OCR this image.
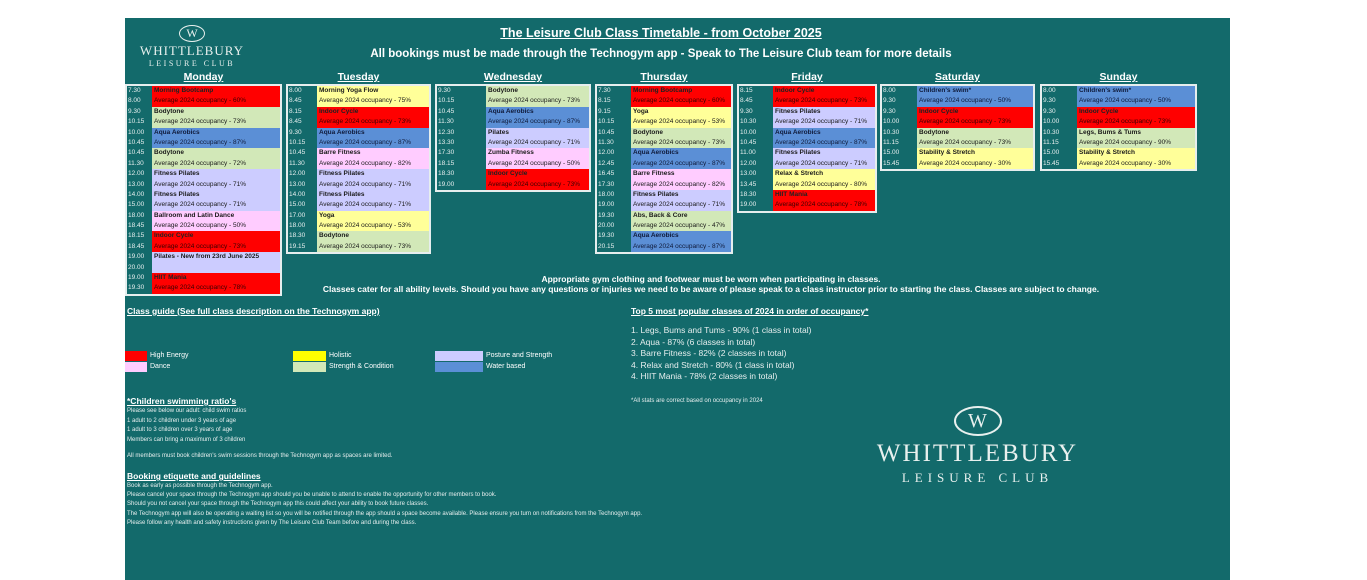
W
WHITTLEBURY
LEISURE CLUB
The Leisure Club Class Timetable - from October 2025
All bookings must be made through the Technogym app - Speak to The Leisure Club team for more details
Monday
7.30	Morning Bootcamp
8.00	Average 2024 occupancy - 60%
9.30	Bodytone
10.15	Average 2024 occupancy - 73%
10.00	Aqua Aerobics
10.45	Average 2024 occupancy - 87%
10.45	Bodytone
11.30	Average 2024 occupancy - 72%
12.00	Fitness Pilates
13.00	Average 2024 occupancy - 71%
14.00	Fitness Pilates
15.00	Average 2024 occupancy - 71%
18.00	Ballroom and Latin Dance
18.45	Average 2024 occupancy - 50%
18.15	Indoor Cycle
18.45	Average 2024 occupancy - 73%
19.00	Pilates - New from 23rd June 2025
20.00
19.00	HIIT Mania
19.30	Average 2024 occupancy - 78%
Tuesday
8.00	Morning Yoga Flow
8.45	Average 2024 occupancy - 75%
8.15	Indoor Cycle
8.45	Average 2024 occupancy - 73%
9.30	Aqua Aerobics
10.15	Average 2024 occupancy - 87%
10.45	Barre Fitness
11.30	Average 2024 occupancy - 82%
12.00	Fitness Pilates
13.00	Average 2024 occupancy - 71%
14.00	Fitness Pilates
15.00	Average 2024 occupancy - 71%
17.00	Yoga
18.00	Average 2024 occupancy - 53%
18.30	Bodytone
19.15	Average 2024 occupancy - 73%
Wednesday
9.30	Bodytone
10.15	Average 2024 occupancy - 73%
10.45	Aqua Aerobics
11.30	Average 2024 occupancy - 87%
12.30	Pilates
13.30	Average 2024 occupancy - 71%
17.30	Zumba Fitness
18.15	Average 2024 occupancy - 50%
18.30	Indoor Cycle
19.00	Average 2024 occupancy - 73%
Thursday
7.30	Morning Bootcamp
8.15	Average 2024 occupancy - 60%
9.15	Yoga
10.15	Average 2024 occupancy - 53%
10.45	Bodytone
11.30	Average 2024 occupancy - 73%
12.00	Aqua Aerobics
12.45	Average 2024 occupancy - 87%
16.45	Barre Fitness
17.30	Average 2024 occupancy - 82%
18.00	Fitness Pilates
19.00	Average 2024 occupancy - 71%
19.30	Abs, Back & Core
20.00	Average 2024 occupancy - 47%
19.30	Aqua Aerobics
20.15	Average 2024 occupancy - 87%
Friday
8.15	Indoor Cycle
8.45	Average 2024 occupancy - 73%
9.30	Fitness Pilates
10.30	Average 2024 occupancy - 71%
10.00	Aqua Aerobics
10.45	Average 2024 occupancy - 87%
11.00	Fitness Pilates
12.00	Average 2024 occupancy - 71%
13.00	Relax & Stretch
13.45	Average 2024 occupancy - 80%
18.30	HIIT Mania
19.00	Average 2024 occupancy - 78%
Saturday
8.00	Children's swim*
9.30	Average 2024 occupancy - 50%
9.30	Indoor Cycle
10.00	Average 2024 occupancy - 73%
10.30	Bodytone
11.15	Average 2024 occupancy - 73%
15.00	Stability & Stretch
15.45	Average 2024 occupancy - 30%
Sunday
8.00	Children's swim*
9.30	Average 2024 occupancy - 50%
9.30	Indoor Cycle
10.00	Average 2024 occupancy - 73%
10.30	Legs, Bums & Tums
11.15	Average 2024 occupancy - 90%
15.00	Stability & Stretch
15.45	Average 2024 occupancy - 30%
Appropriate gym clothing and footwear must be worn when participating in classes.
Classes cater for all ability levels. Should you have any questions or injuries we need to be aware of please speak to a class instructor prior to starting the class. Classes are subject to change.
Class guide (See full class description on the Technogym app)
High Energy
Dance
Holistic
Strength & Condition
Posture and Strength
Water based
Top 5 most popular classes of 2024 in order of occupancy*
1. Legs, Bums and Tums - 90% (1 class in total)
2. Aqua - 87% (6 classes in total)
3. Barre Fitness - 82% (2 classes in total)
4. Relax and Stretch - 80% (1 class in total)
4. HIIT Mania - 78% (2 classes in total)
*All stats are correct based on occupancy in 2024
*Children swimming ratio's
Please see below our adult: child swim ratios
1 adult to 2 children under 3 years of age
1 adult to 3 children over 3 years of age
Members can bring a maximum of 3 children
All members must book children's swim sessions through the Technogym app as spaces are limited.
Booking etiquette and guidelines
Book as early as possible through the Technogym app.
Please cancel your space through the Technogym app should you be unable to attend to enable the opportunity for other members to book.
Should you not cancel your space through the Technogym app this could affect your ability to book future classes.
The Technogym app will also be operating a waiting list so you will be notified through the app should a space become available. Please ensure you turn on notifications from the Technogym app.
Please follow any health and safety instructions given by The Leisure Club Team before and during the class.
W
WHITTLEBURY
LEISURE CLUB
